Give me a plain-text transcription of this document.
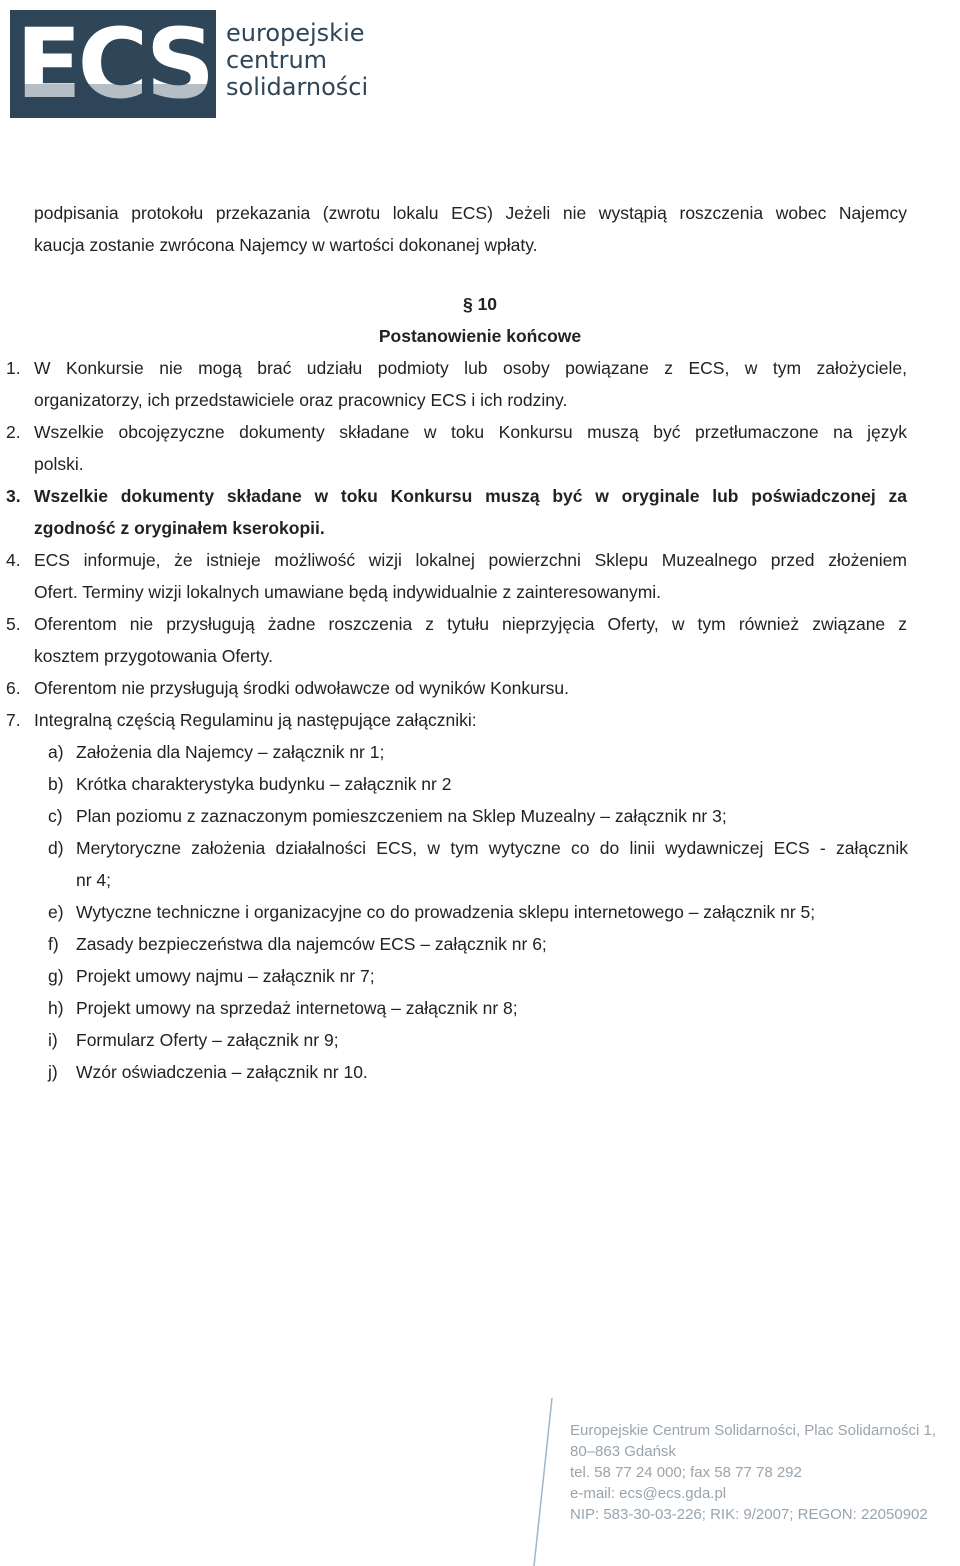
ECS europejskie
centrum
solidarności
podpisania protokołu przekazania (zwrotu lokalu ECS) Jeżeli nie wystąpią roszczenia wobec Najemcy
kaucja zostanie zwrócona Najemcy w wartości dokonanej wpłaty.
§ 10
Postanowienie końcowe
1. W Konkursie nie mogą brać udziału podmioty lub osoby powiązane z ECS, w tym założyciele,
organizatorzy, ich przedstawiciele oraz pracownicy ECS i ich rodziny.
2. Wszelkie obcojęzyczne dokumenty składane w toku Konkursu muszą być przetłumaczone na język
polski.
3. Wszelkie dokumenty składane w toku Konkursu muszą być w oryginale lub poświadczonej za
zgodność z oryginałem kserokopii.
4. ECS informuje, że istnieje możliwość wizji lokalnej powierzchni Sklepu Muzealnego przed złożeniem
Ofert. Terminy wizji lokalnych umawiane będą indywidualnie z zainteresowanymi.
5. Oferentom nie przysługują żadne roszczenia z tytułu nieprzyjęcia Oferty, w tym również związane z
kosztem przygotowania Oferty.
6. Oferentom nie przysługują środki odwoławcze od wyników Konkursu.
7. Integralną częścią Regulaminu ją następujące załączniki:
a) Założenia dla Najemcy – załącznik nr 1;
b) Krótka charakterystyka budynku – załącznik nr 2
c) Plan poziomu z zaznaczonym pomieszczeniem na Sklep Muzealny – załącznik nr 3;
d) Merytoryczne założenia działalności ECS, w tym wytyczne co do linii wydawniczej ECS - załącznik
nr 4;
e) Wytyczne techniczne i organizacyjne co do prowadzenia sklepu internetowego – załącznik nr 5;
f) Zasady bezpieczeństwa dla najemców ECS – załącznik nr 6;
g) Projekt umowy najmu – załącznik nr 7;
h) Projekt umowy na sprzedaż internetową – załącznik nr 8;
i) Formularz Oferty – załącznik nr 9;
j) Wzór oświadczenia – załącznik nr 10.
Europejskie Centrum Solidarności, Plac Solidarności 1,
80–863 Gdańsk
tel. 58 77 24 000; fax 58 77 78 292
e-mail: ecs@ecs.gda.pl
NIP: 583-30-03-226; RIK: 9/2007; REGON: 22050902
